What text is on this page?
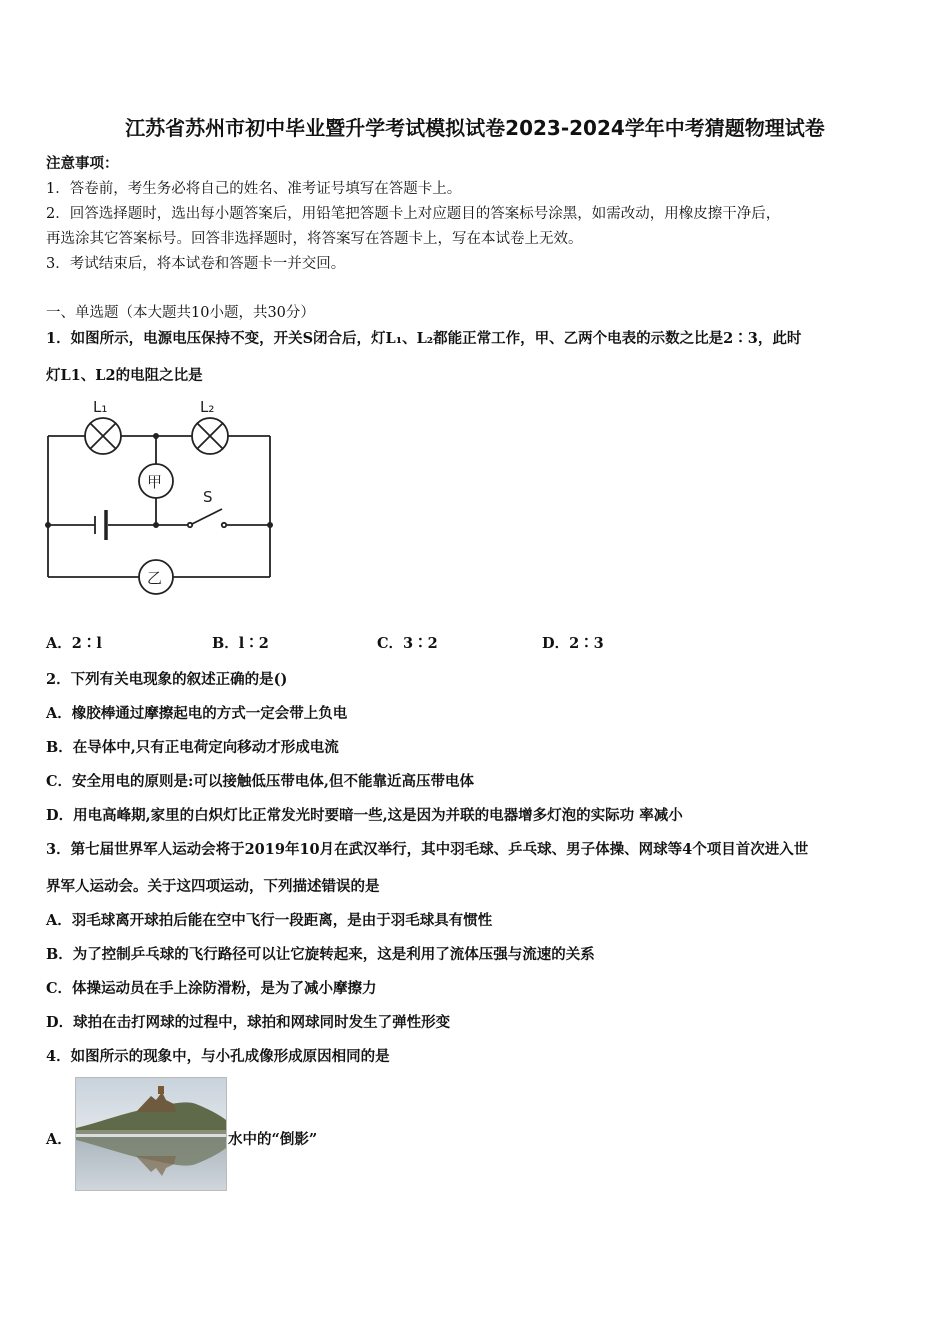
江苏省苏州市初中毕业暨升学考试模拟试卷2023-2024学年中考猜题物理试卷
注意事项：
1．答卷前，考生务必将自己的姓名、准考证号填写在答题卡上。
2．回答选择题时，选出每小题答案后，用铅笔把答题卡上对应题目的答案标号涂黑，如需改动，用橡皮擦干净后，
再选涂其它答案标号。回答非选择题时，将答案写在答题卡上，写在本试卷上无效。
3．考试结束后，将本试卷和答题卡一并交回。
一、单选题（本大题共10小题，共30分）
1．如图所示，电源电压保持不变，开关S闭合后，灯L₁、L₂都能正常工作，甲、乙两个电表的示数之比是2∶3，此时
灯L1、L2的电阻之比是
L₁	L₂
甲
乙
S
A．2∶l	B．l∶2	C．3∶2	D．2∶3
2．下列有关电现象的叙述正确的是()
A．橡胶棒通过摩擦起电的方式一定会带上负电
B．在导体中,只有正电荷定向移动才形成电流
C．安全用电的原则是:可以接触低压带电体,但不能靠近高压带电体
D．用电高峰期,家里的白炽灯比正常发光时要暗一些,这是因为并联的电器增多灯泡的实际功 率减小
3．第七届世界军人运动会将于2019年10月在武汉举行，其中羽毛球、乒乓球、男子体操、网球等4个项目首次进入世
界军人运动会。关于这四项运动，下列描述错误的是
A．羽毛球离开球拍后能在空中飞行一段距离，是由于羽毛球具有惯性
B．为了控制乒乓球的飞行路径可以让它旋转起来，这是利用了流体压强与流速的关系
C．体操运动员在手上涂防滑粉，是为了减小摩擦力
D．球拍在击打网球的过程中，球拍和网球同时发生了弹性形变
4．如图所示的现象中，与小孔成像形成原因相同的是
A．	水中的“倒影”
